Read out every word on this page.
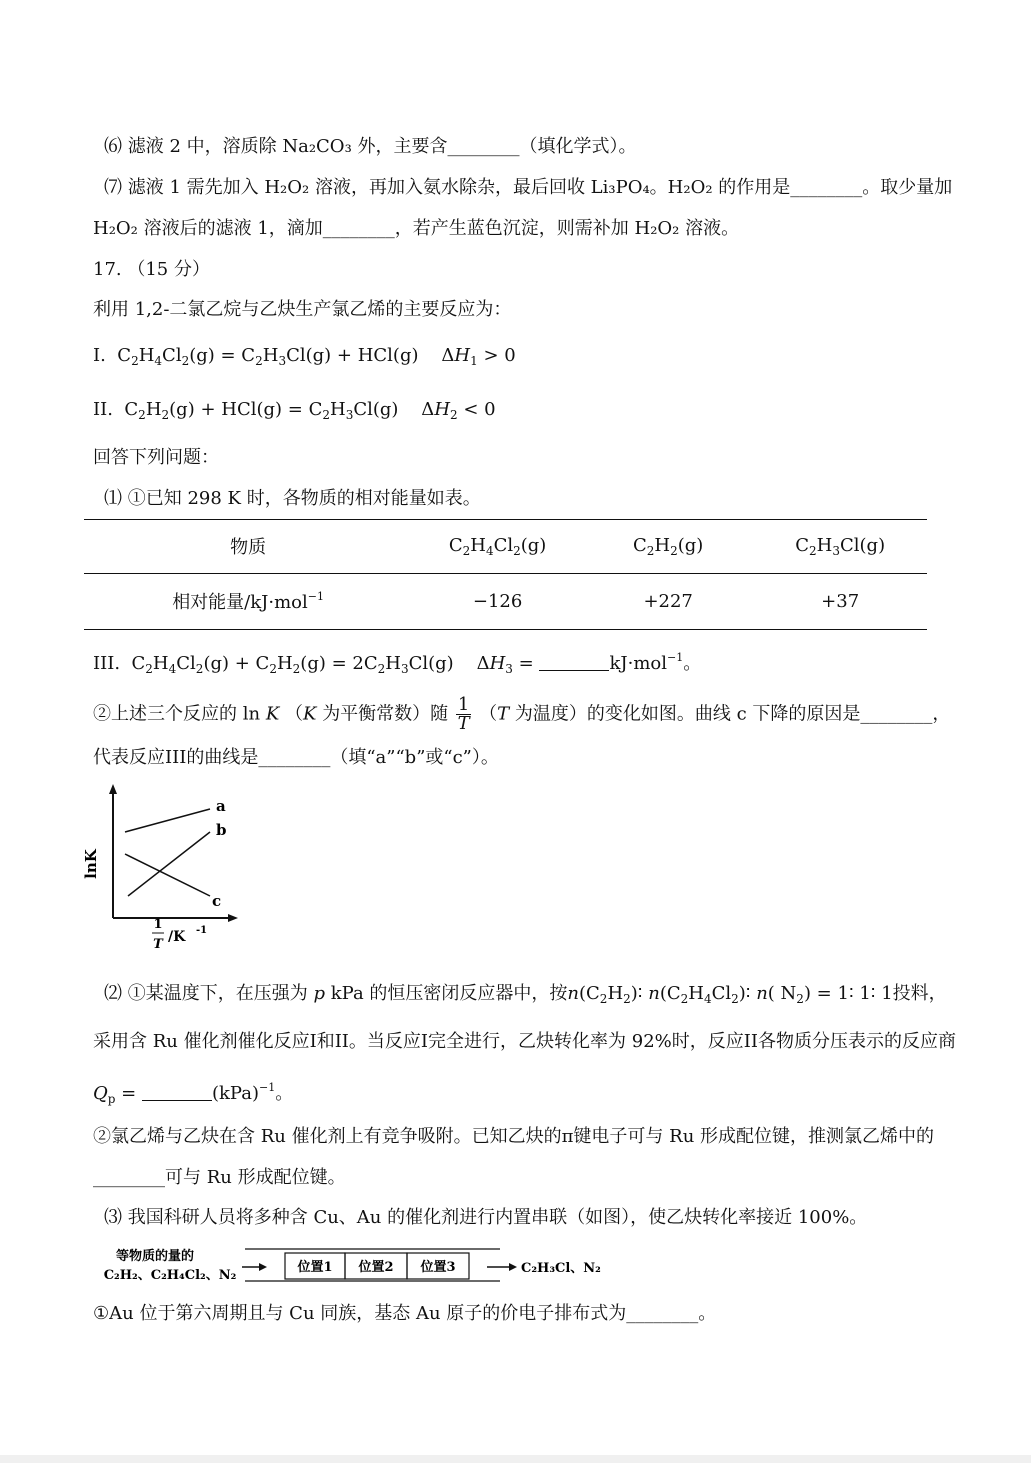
⑹ 滤液 2 中，溶质除 Na₂CO₃ 外，主要含________（填化学式）。
⑺ 滤液 1 需先加入 H₂O₂ 溶液，再加入氨水除杂，最后回收 Li₃PO₄。H₂O₂ 的作用是________。取少量加
H₂O₂ 溶液后的滤液 1，滴加________，若产生蓝色沉淀，则需补加 H₂O₂ 溶液。
17. （15 分）
利用 1,2-二氯乙烷与乙炔生产氯乙烯的主要反应为：
I.  $C_2H_4Cl_2(g) = C_2H_3Cl(g) + HCl(g)$    $\Delta H_1 > 0$
II.  $C_2H_2(g) + HCl(g) = C_2H_3Cl(g)$    $\Delta H_2 < 0$
回答下列问题：
⑴ ①已知 298 K 时，各物质的相对能量如表。
物质	$C_2H_4Cl_2(g)$	$C_2H_2(g)$	$C_2H_3Cl(g)$
相对能量/kJ·mol$^{-1}$	−126	+227	+37
III.  $C_2H_4Cl_2(g) + C_2H_2(g) = 2C_2H_3Cl(g)$    $\Delta H_3$ =	kJ·mol$^{-1}$。
②上述三个反应的 ln K （K 为平衡常数）随 $\frac{1}{T} (T$ 为温度）的变化如图。曲线 c 下降的原因是________，
代表反应III的曲线是________（填“a”“b”或“c”）。
lnK
a
b
c
1
T /K -1
⑵ ①某温度下，在压强为 p kPa 的恒压密闭反应器中，按$n(C_2H_2)∶$ $n(C_2H_4Cl_2)∶$ n( $N_2$) = 1∶ 1∶ 1投料，
采用含 Ru 催化剂催化反应I和II。当反应I完全进行，乙炔转化率为 92%时，反应II各物质分压表示的反应商
$Q_p$ =	(kPa)$^{-1}$。
②氯乙烯与乙炔在含 Ru 催化剂上有竞争吸附。已知乙炔的π键电子可与 Ru 形成配位键，推测氯乙烯中的
________可与 Ru 形成配位键。
⑶ 我国科研人员将多种含 Cu、Au 的催化剂进行内置串联（如图），使乙炔转化率接近 100%。
等物质的量的
C₂H₂、C₂H₄Cl₂、N₂
位置1 位置2 位置3	C₂H₃Cl、N₂
①Au 位于第六周期且与 Cu 同族，基态 Au 原子的价电子排布式为________。
